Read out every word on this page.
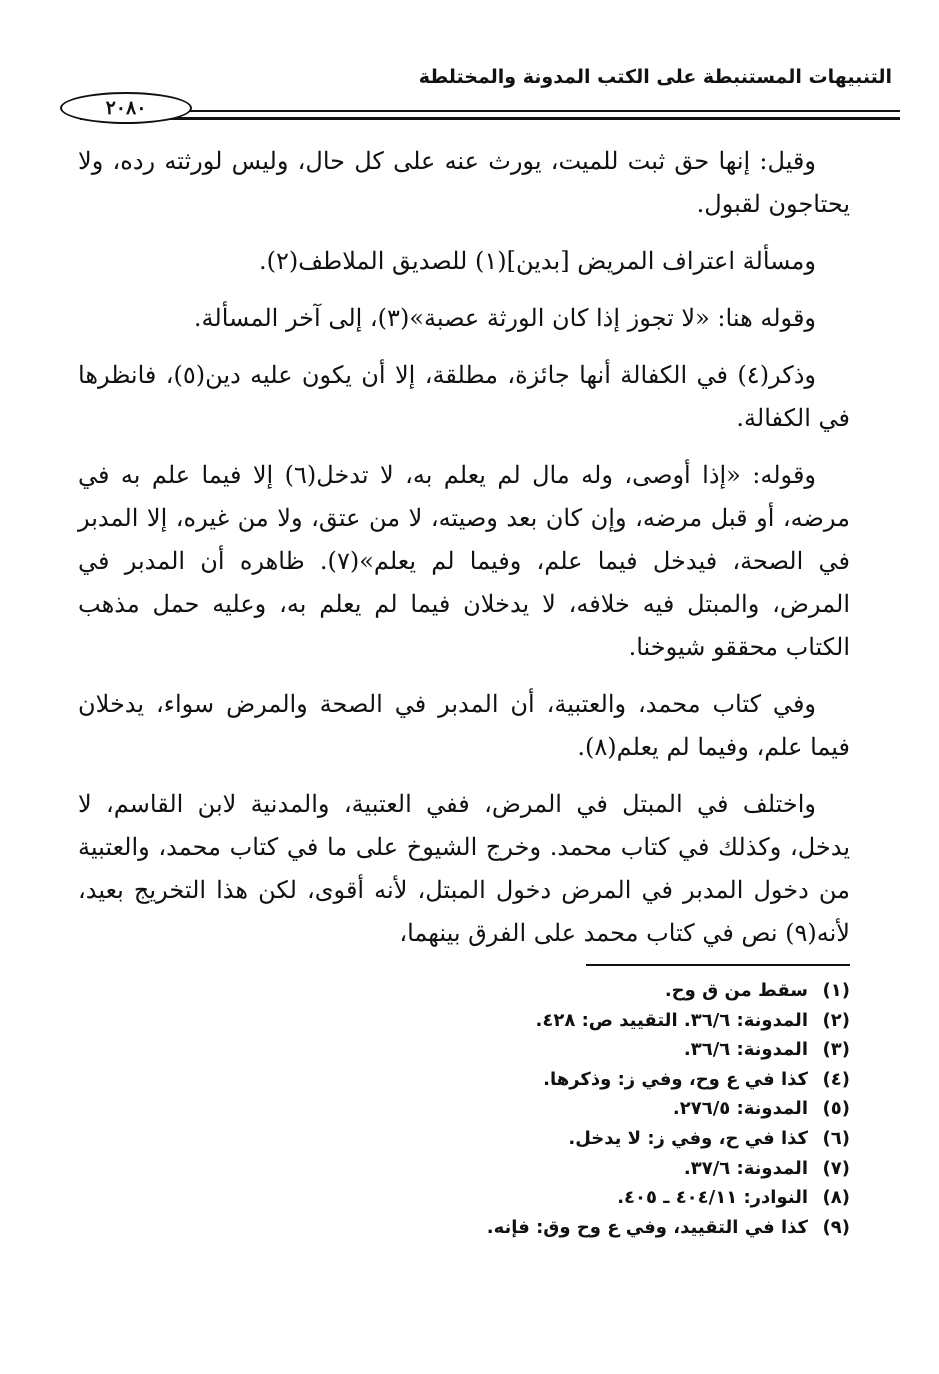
التنبيهات المستنبطة على الكتب المدونة والمختلطة
٢٠٨٠

وقيل: إنها حق ثبت للميت، يورث عنه على كل حال، وليس لورثته رده، ولا يحتاجون لقبول.

ومسألة اعتراف المريض [بدين](١) للصديق الملاطف(٢).

وقوله هنا: «لا تجوز إذا كان الورثة عصبة»(٣)، إلى آخر المسألة.

وذكر(٤) في الكفالة أنها جائزة، مطلقة، إلا أن يكون عليه دين(٥)، فانظرها في الكفالة.

وقوله: «إذا أوصى، وله مال لم يعلم به، لا تدخل(٦) إلا فيما علم به في مرضه، أو قبل مرضه، وإن كان بعد وصيته، لا من عتق، ولا من غيره، إلا المدبر في الصحة، فيدخل فيما علم، وفيما لم يعلم»(٧). ظاهره أن المدبر في المرض، والمبتل فيه خلافه، لا يدخلان فيما لم يعلم به، وعليه حمل مذهب الكتاب محققو شيوخنا.

وفي كتاب محمد، والعتبية، أن المدبر في الصحة والمرض سواء، يدخلان فيما علم، وفيما لم يعلم(٨).

واختلف في المبتل في المرض، ففي العتبية، والمدنية لابن القاسم، لا يدخل، وكذلك في كتاب محمد. وخرج الشيوخ على ما في كتاب محمد، والعتبية من دخول المدبر في المرض دخول المبتل، لأنه أقوى، لكن هذا التخريج بعيد، لأنه(٩) نص في كتاب محمد على الفرق بينهما،

(١)سقط من ق وح.
(٢)المدونة: ٣٦/٦. التقييد ص: ٤٢٨.
(٣)المدونة: ٣٦/٦.
(٤)كذا في ع وح، وفي ز: وذكرها.
(٥)المدونة: ٢٧٦/٥.
(٦)كذا في ح، وفي ز: لا يدخل.
(٧)المدونة: ٣٧/٦.
(٨)النوادر: ٤٠٤/١١ ـ ٤٠٥.
(٩)كذا في التقييد، وفي ع وح وق: فإنه.
